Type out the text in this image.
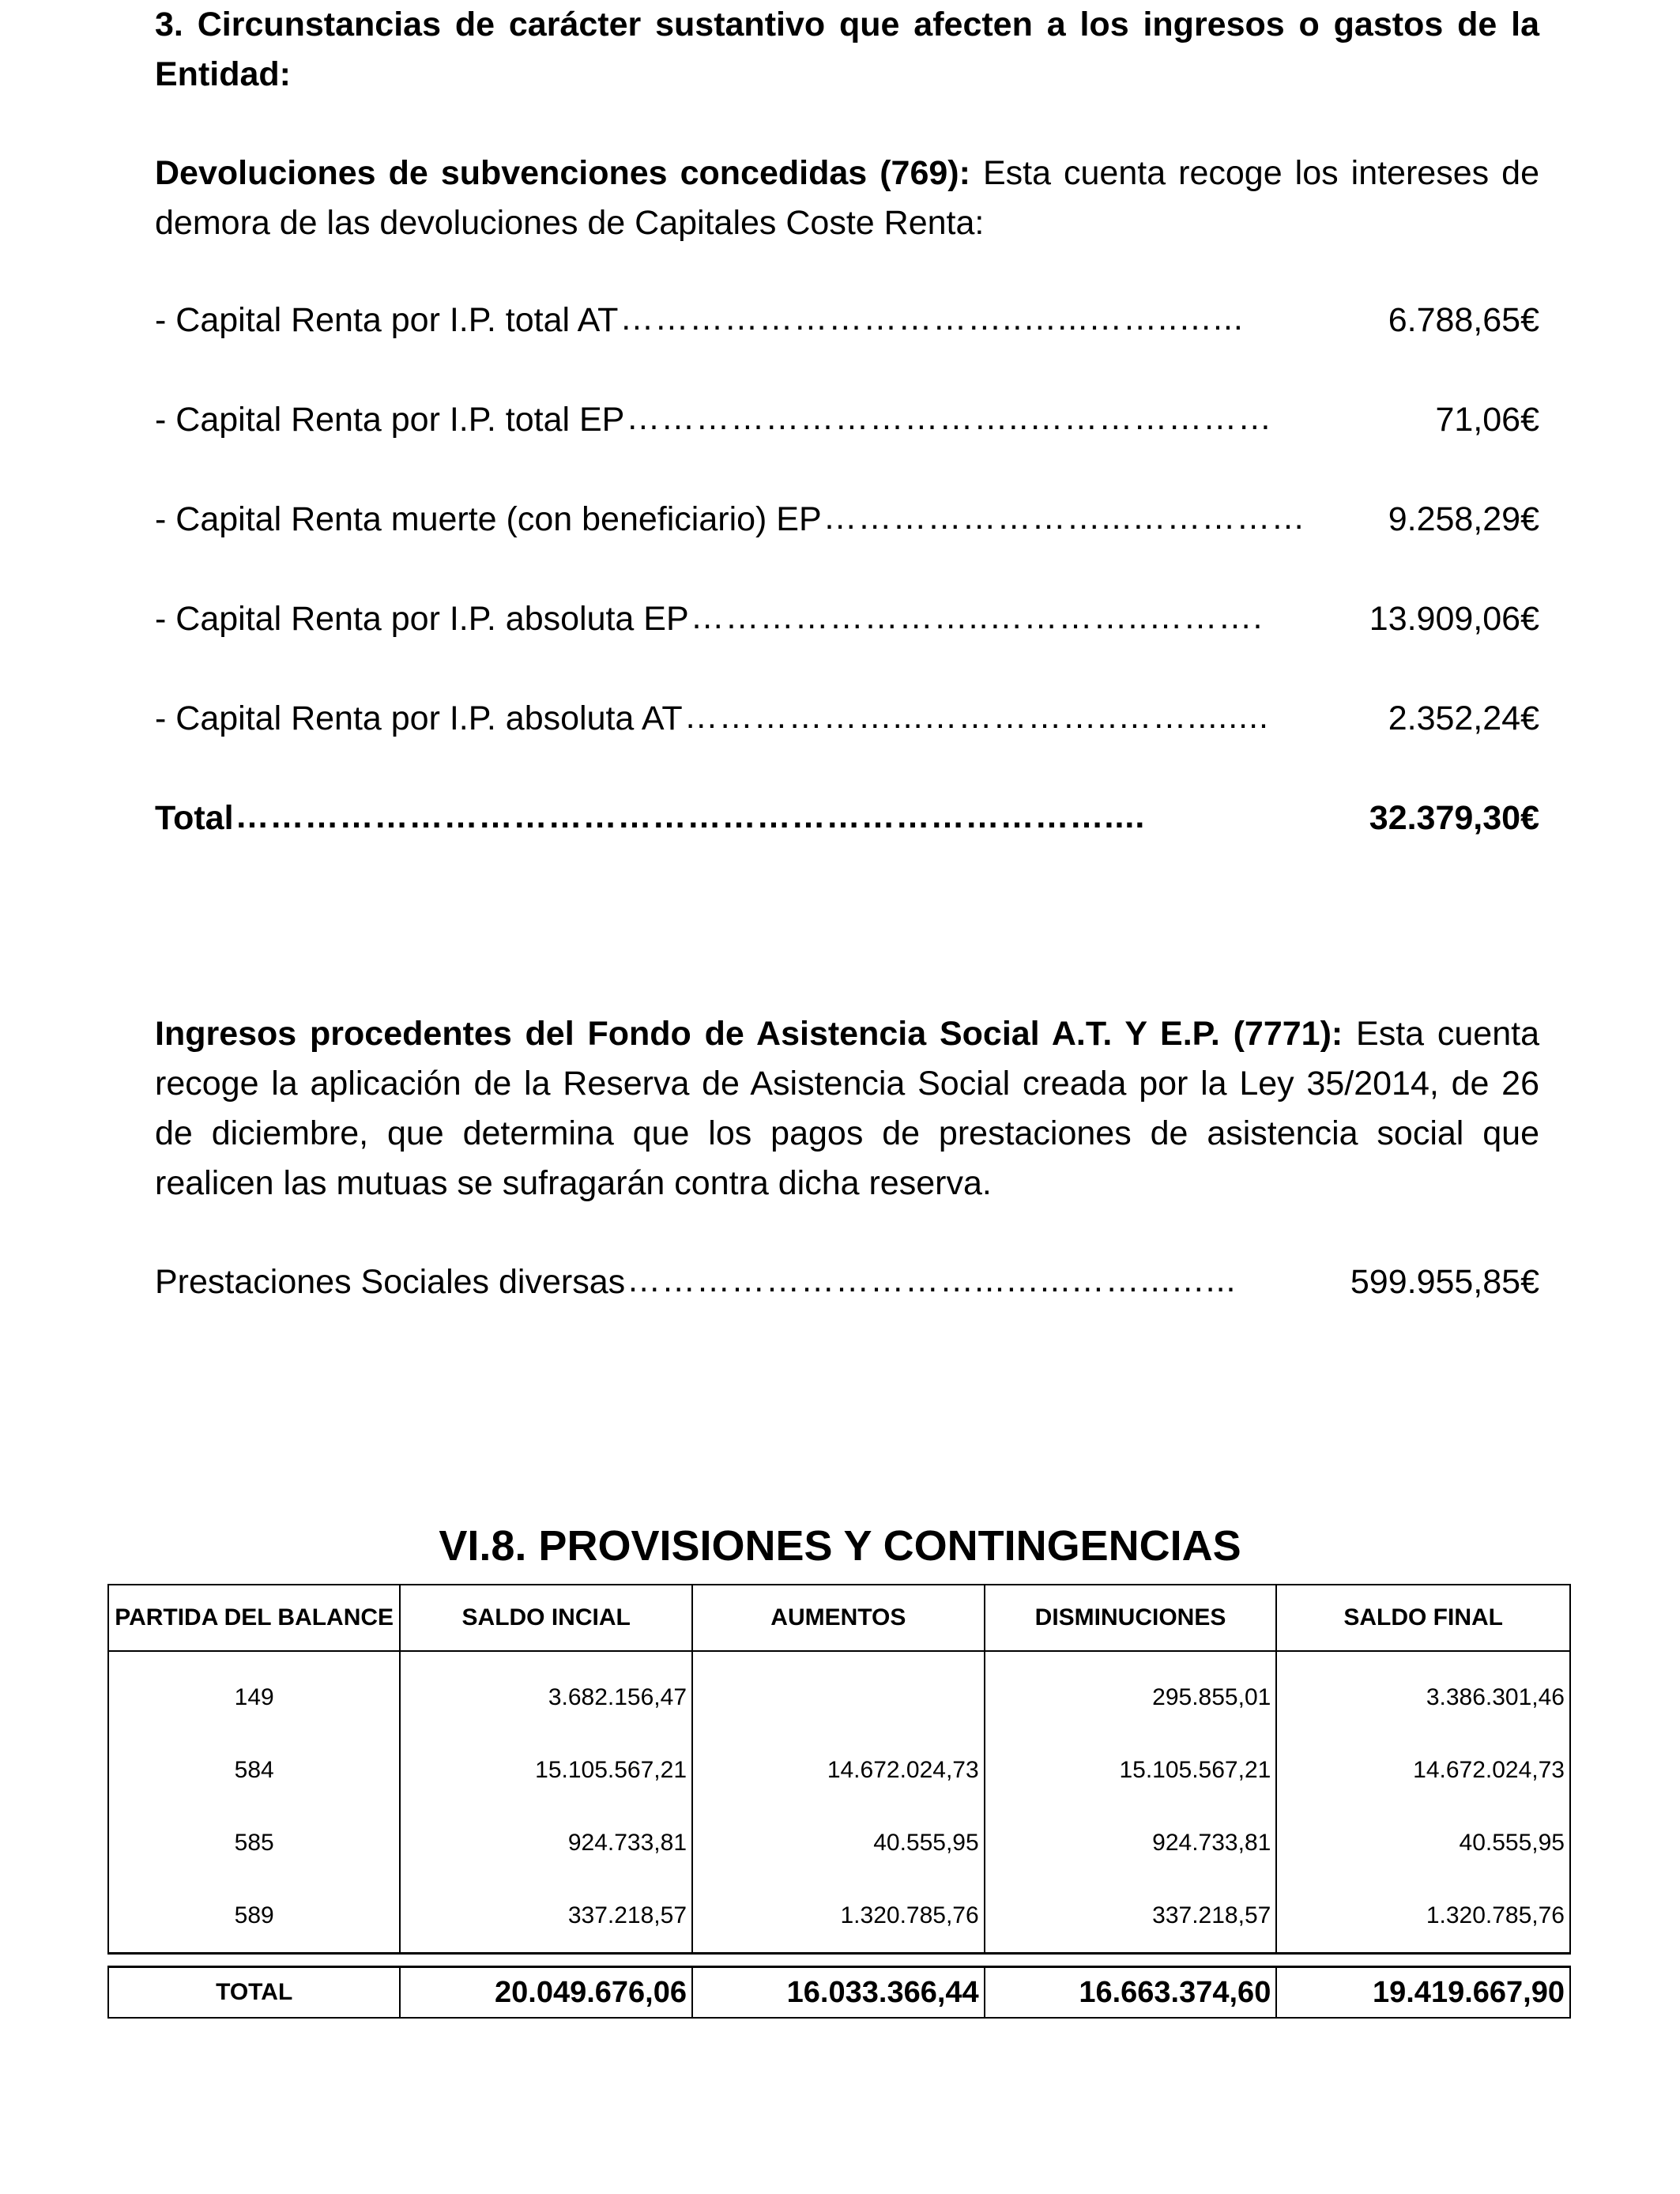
3. Circunstancias de carácter sustantivo que afecten a los ingresos o gastos de la Entidad:
Devoluciones de subvenciones concedidas (769): Esta cuenta recoge los intereses de demora de las devoluciones de Capitales Coste Renta:
- Capital Renta por I.P. total AT ……………………………..…...……..…...	6.788,65€
- Capital Renta por I.P. total EP ……………………………..…………………	71,06€
- Capital Renta muerte (con beneficiario) EP ……………………...……………	9.258,29€
- Capital Renta por I.P. absoluta EP ……………………..…………..……….	13.909,06€
- Capital Renta por I.P. absoluta AT ………………...……………..……........	2.352,24€
Total …………………………………………………………………....	32.379,30€
Ingresos procedentes del Fondo de Asistencia Social A.T. Y E.P. (7771): Esta cuenta recoge la aplicación de la Reserva de Asistencia Social creada por la Ley 35/2014, de 26 de diciembre, que determina que los pagos de prestaciones de asistencia social que realicen las mutuas se sufragarán contra dicha reserva.
Prestaciones Sociales diversas …………………………...…...……...…...	599.955,85€
VI.8. PROVISIONES Y CONTINGENCIAS
PARTIDA DEL BALANCE	SALDO INCIAL	AUMENTOS	DISMINUCIONES	SALDO FINAL
149	3.682.156,47		295.855,01	3.386.301,46
584	15.105.567,21	14.672.024,73	15.105.567,21	14.672.024,73
585	924.733,81	40.555,95	924.733,81	40.555,95
589	337.218,57	1.320.785,76	337.218,57	1.320.785,76

TOTAL	20.049.676,06	16.033.366,44	16.663.374,60	19.419.667,90
